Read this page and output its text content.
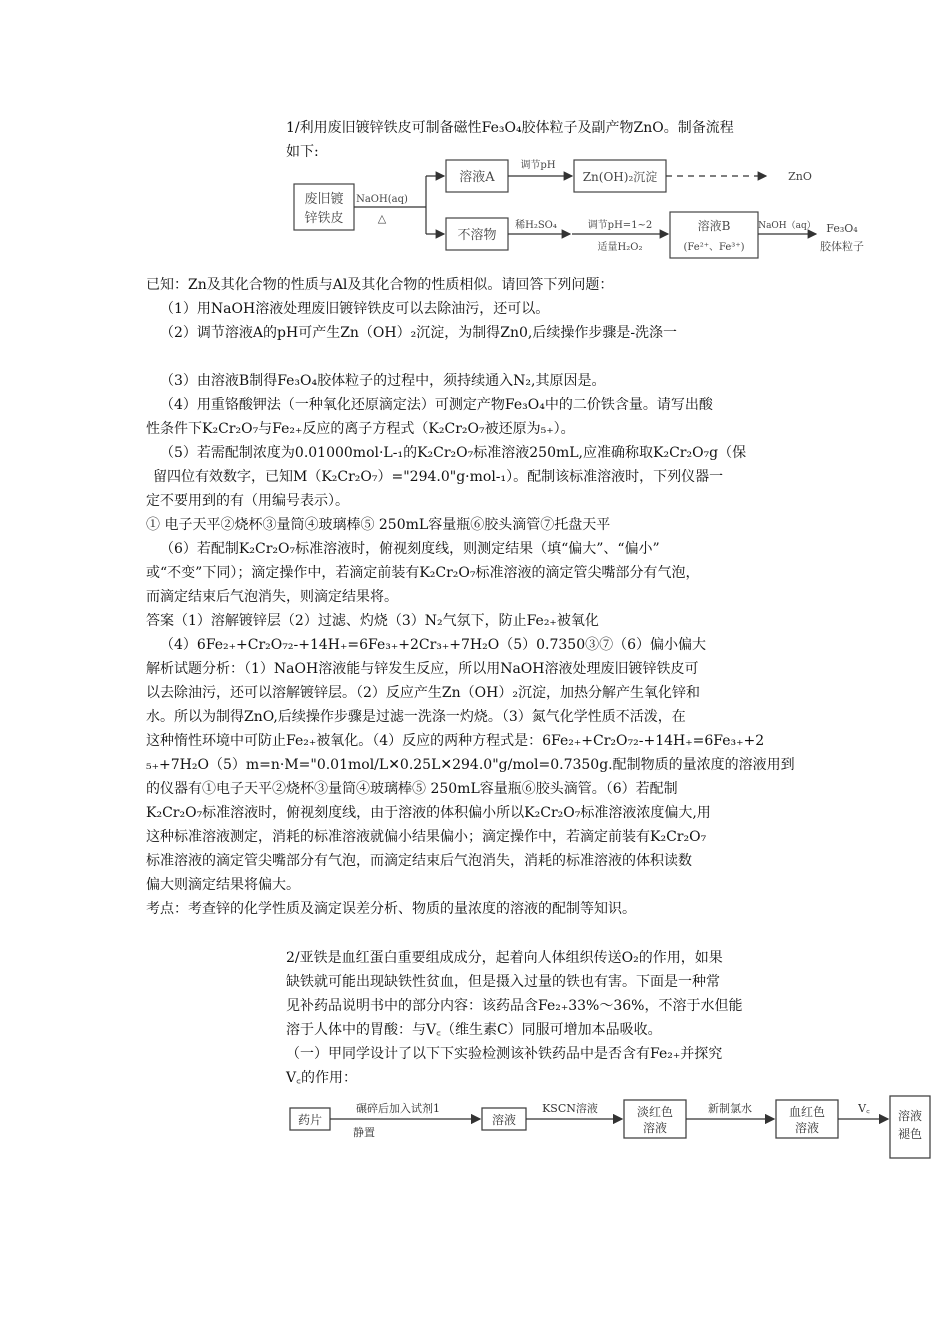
1/利用废旧镀锌铁皮可制备磁性Fe₃O₄胶体粒子及副产物ZnO。制备流程
如下:
废旧镀
锌铁皮
NaOH(aq)
△
溶液A
调节pH
Zn(OH)₂沉淀	ZnO
不溶物
稀H₂SO₄	调节pH=1~2
适量H₂O₂
溶液B
(Fe²⁺、Fe³⁺)
NaOH（aq） Fe₃O₄
胶体粒子
已知：Zn及其化合物的性质与Al及其化合物的性质相似。请回答下列问题：
（1）用NaOH溶液处理废旧镀锌铁皮可以去除油污，还可以。
（2）调节溶液A的pH可产生Zn（OH）₂沉淀，为制得Zn0,后续操作步骤是-洗涤一
（3）由溶液B制得Fe₃O₄胶体粒子的过程中，须持续通入N₂,其原因是。
（4）用重铬酸钾法（一种氧化还原滴定法）可测定产物Fe₃O₄中的二价铁含量。请写出酸
性条件下K₂Cr₂O₇与Fe₂₊反应的离子方程式（K₂Cr₂O₇被还原为₅₊）。
（5）若需配制浓度为0.01000mol·L-₁的K₂Cr₂O₇标准溶液250mL,应准确称取K₂Cr₂O₇g（保
留四位有效数字，已知M（K₂Cr₂O₇）="294.0"g·mol-₁）。配制该标准溶液时，下列仪器一
定不要用到的有（用编号表示）。
① 电子天平②烧杯③量筒④玻璃棒⑤ 250mL容量瓶⑥胶头滴管⑦托盘天平
（6）若配制K₂Cr₂O₇标准溶液时，俯视刻度线，则测定结果（填“偏大”、“偏小”
或“不变”下同）；滴定操作中，若滴定前装有K₂Cr₂O₇标准溶液的滴定管尖嘴部分有气泡，
而滴定结束后气泡消失，则滴定结果将。
答案（1）溶解镀锌层（2）过滤、灼烧（3）N₂气氛下，防止Fe₂₊被氧化
（4）6Fe₂₊+Cr₂O₇₂-+14H₊=6Fe₃₊+2Cr₃₊+7H₂O（5）0.7350③⑦（6）偏小偏大
解析试题分析：（1）NaOH溶液能与锌发生反应，所以用NaOH溶液处理废旧镀锌铁皮可
以去除油污，还可以溶解镀锌层。（2）反应产生Zn（OH）₂沉淀，加热分解产生氧化锌和
水。所以为制得ZnO,后续操作步骤是过滤一洗涤一灼烧。（3）氮气化学性质不活泼，在
这种惰性环境中可防止Fe₂₊被氧化。（4）反应的两种方程式是：6Fe₂₊+Cr₂O₇₂-+14H₊=6Fe₃₊+2
₅₊+7H₂O（5）m=n·M="0.01mol/L✕0.25L✕294.0"g/mol=0.7350g.配制物质的量浓度的溶液用到
的仪器有①电子天平②烧杯③量筒④玻璃棒⑤ 250mL容量瓶⑥胶头滴管。（6）若配制
K₂Cr₂O₇标准溶液时，俯视刻度线，由于溶液的体积偏小所以K₂Cr₂O₇标准溶液浓度偏大,用
这种标准溶液测定，消耗的标准溶液就偏小结果偏小；滴定操作中，若滴定前装有K₂Cr₂O₇
标准溶液的滴定管尖嘴部分有气泡，而滴定结束后气泡消失，消耗的标准溶液的体积读数
偏大则滴定结果将偏大。
考点：考查锌的化学性质及滴定误差分析、物质的量浓度的溶液的配制等知识。
2/亚铁是血红蛋白重要组成成分，起着向人体组织传送O₂的作用，如果
缺铁就可能出现缺铁性贫血，但是摄入过量的铁也有害。下面是一种常
见补药品说明书中的部分内容：该药品含Fe₂₊33%〜36%，不溶于水但能
溶于人体中的胃酸：与V꜀（维生素C）同服可增加本品吸收。
（一）甲同学设计了以下下实验检测该补铁药品中是否含有Fe₂₊并探究
V꜀的作用：
药片
碾碎后加入试剂1
静置
溶液
KSCN溶液	淡红色
溶液
新制氯水	血红色
溶液
V꜀
溶液
褪色
